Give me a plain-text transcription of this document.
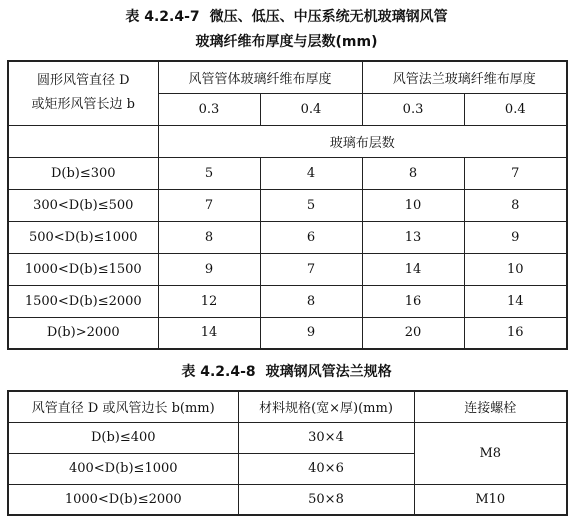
表 4.2.4-7 微压、低压、中压系统无机玻璃钢风管
玻璃纤维布厚度与层数(mm)
圆形风管直径 D
或矩形风管长边 b	风管管体玻璃纤维布厚度		风管法兰玻璃纤维布厚度	
	0.3	0.4	0.3	0.4
	玻璃布层数			
D(b)≤300	5	4	8	7
300<D(b)≤500	7	5	10	8
500<D(b)≤1000	8	6	13	9
1000<D(b)≤1500	9	7	14	10
1500<D(b)≤2000	12	8	16	14
D(b)>2000	14	9	20	16
表 4.2.4-8 玻璃钢风管法兰规格
风管直径 D 或风管边长 b(mm)	材料规格(宽×厚)(mm)	连接螺栓
D(b)≤400	30×4	M8
400<D(b)≤1000	40×6	
1000<D(b)≤2000	50×8	M10
